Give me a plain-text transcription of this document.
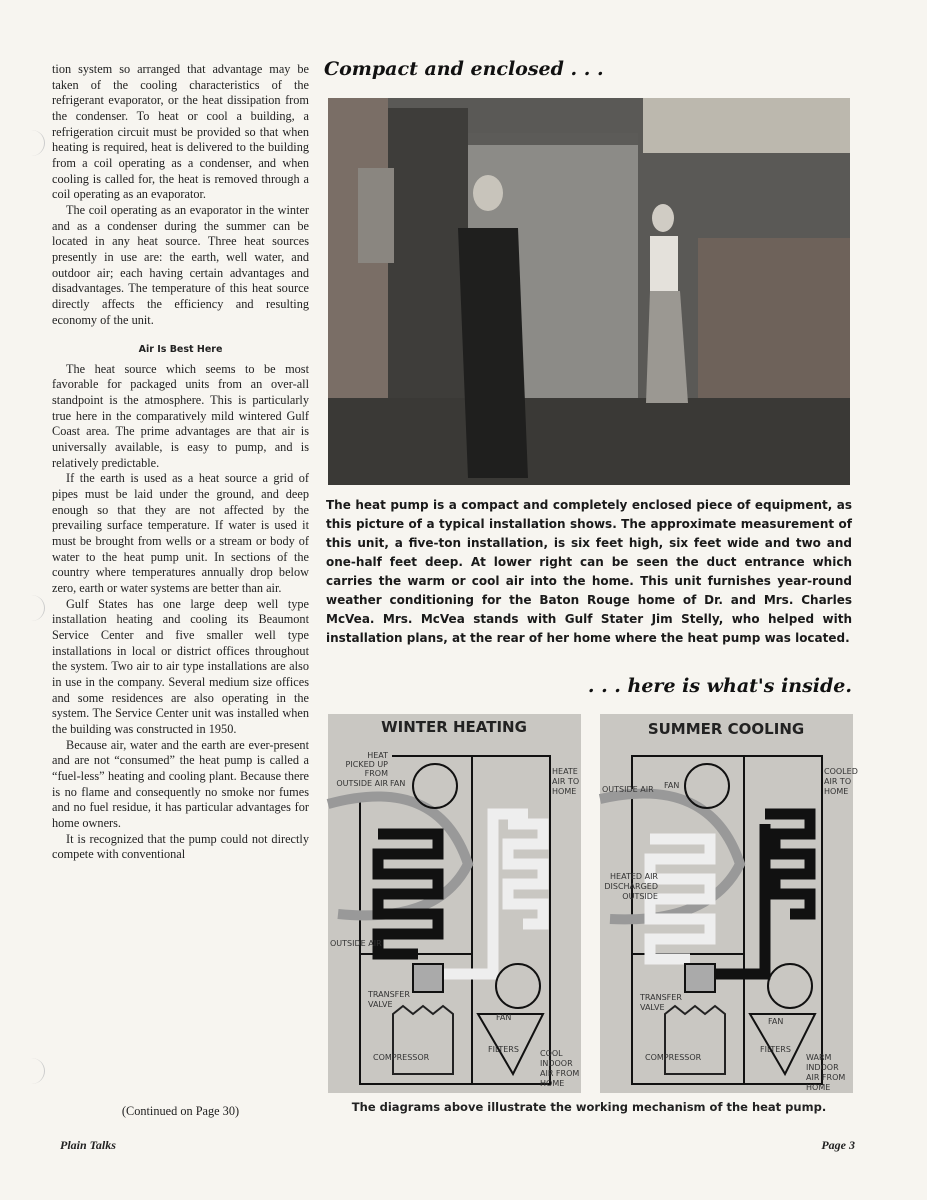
tion system so arranged that advantage may be taken of the cooling characteristics of the refrigerant evaporator, or the heat dissipation from the condenser. To heat or cool a building, a refrigeration circuit must be provided so that when heating is required, heat is delivered to the building from a coil operating as a condenser, and when cooling is called for, the heat is removed through a coil operating as an evaporator.

The coil operating as an evaporator in the winter and as a condenser during the summer can be located in any heat source. Three heat sources presently in use are: the earth, well water, and outdoor air; each having certain advantages and disadvantages. The temperature of this heat source directly affects the efficiency and resulting economy of the unit.

Air Is Best Here

The heat source which seems to be most favorable for packaged units from an over-all standpoint is the atmosphere. This is particularly true here in the comparatively mild wintered Gulf Coast area. The prime advantages are that air is universally available, is easy to pump, and is relatively predictable.

If the earth is used as a heat source a grid of pipes must be laid under the ground, and deep enough so that they are not affected by the prevailing surface temperature. If water is used it must be brought from wells or a stream or body of water to the heat pump unit. In sections of the country where temperatures annually drop below zero, earth or water systems are better than air.

Gulf States has one large deep well type installation heating and cooling its Beaumont Service Center and five smaller well type installations in local or district offices throughout the system. Two air to air type installations are also in use in the company. Several medium size offices and some residences are also operating in the system. The Service Center unit was installed when the building was constructed in 1950.

Because air, water and the earth are ever-present and are not “consumed” the heat pump is called a “fuel-less” heating and cooling plant. Because there is no flame and consequently no smoke nor fumes and no fuel residue, it has particular advantages for home owners.

It is recognized that the pump could not directly compete with conventional

(Continued on Page 30)
Compact and enclosed . . .
The heat pump is a compact and completely enclosed piece of equipment, as this picture of a typical installation shows. The approximate measurement of this unit, a five-ton installation, is six feet high, six feet wide and two and one-half feet deep. At lower right can be seen the duct entrance which carries the warm or cool air into the home. This unit furnishes year-round weather conditioning for the Baton Rouge home of Dr. and Mrs. Charles McVea. Mrs. McVea stands with Gulf Stater Jim Stelly, who helped with installation plans, at the rear of her home where the heat pump was located.
. . . here is what's inside.
WINTER HEATING
HEAT
PICKED UP
FROM
OUTSIDE AIR FAN
HEATE
AIR TO
HOME
OUTSIDE AIR
TRANSFER
VALVE
FAN
COMPRESSOR
FILTERS	COOL
INDOOR
AIR FROM
HOME
SUMMER COOLING
OUTSIDE AIR FAN
COOLED
AIR TO
HOME
HEATED AIR
DISCHARGED
OUTSIDE
TRANSFER
VALVE
FAN
COMPRESSOR
FILTERS
WARM
INDOOR
AIR FROM
HOME
The diagrams above illustrate the working mechanism of the heat pump.
Plain Talks	Page 3
